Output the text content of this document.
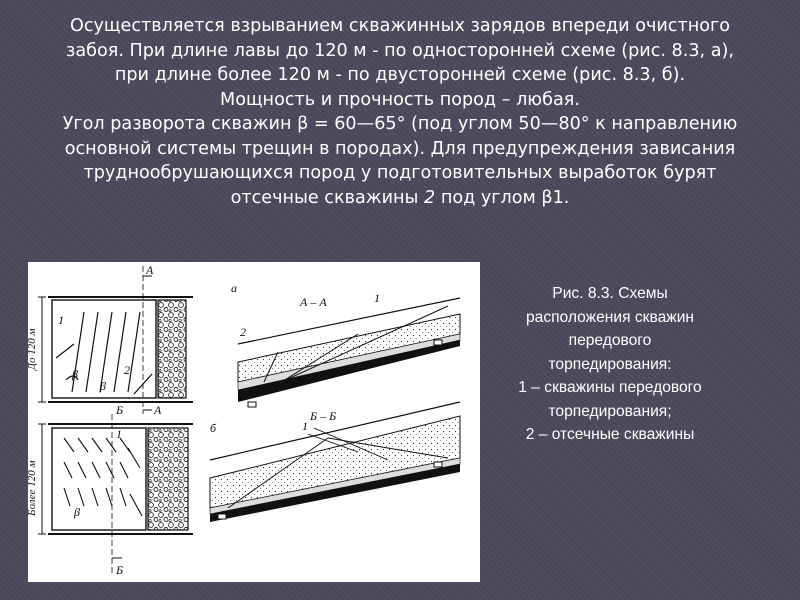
Осуществляется взрыванием скважинных зарядов впереди очистного

забоя. При длине лавы до 120 м - по односторонней схеме (рис. 8.3, а),

при длине более 120 м - по двусторонней схеме (рис. 8.3, б).

Мощность и прочность пород – любая.

Угол разворота скважин β = 60—65° (под углом 50—80° к направлению

основной системы трещин в породах). Для предупреждения зависания

труднообрушающихся пород у подготовительных выработок бурят

отсечные скважины 2 под углом β1.

а
б
А – А
Б – Б
А
А
Б
Б
1
2
β
β
1
β
1
2
1
До 120 м
Более 120 м

Рис. 8.3. Схемы

расположения скважин

передового

торпедирования:

1 – скважины передового

торпедирования;

2 – отсечные скважины
